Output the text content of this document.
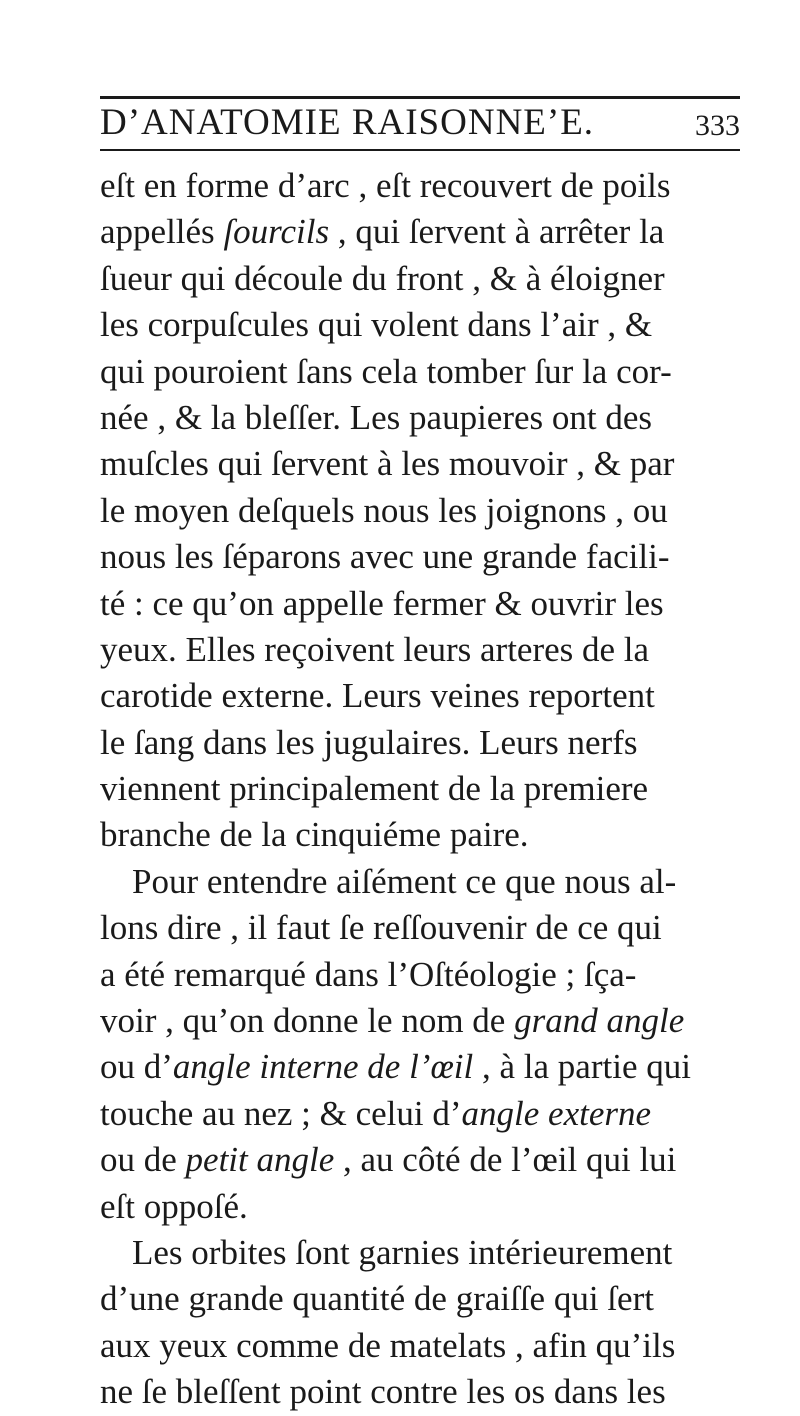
D’ANATOMIE RAISONNE’E.	333
eſt en forme d’arc , eſt recouvert de poils
appellés ſourcils , qui ſervent à arrêter la
ſueur qui découle du front , & à éloigner
les corpuſcules qui volent dans l’air , &
qui pouroient ſans cela tomber ſur la cor-
née , & la bleſſer. Les paupieres ont des
muſcles qui ſervent à les mouvoir , & par
le moyen deſquels nous les joignons , ou
nous les ſéparons avec une grande facili-
té : ce qu’on appelle fermer & ouvrir les
yeux. Elles reçoivent leurs arteres de la
carotide externe. Leurs veines reportent
le ſang dans les jugulaires. Leurs nerfs
viennent principalement de la premiere
branche de la cinquiéme paire.
Pour entendre aiſément ce que nous al-
lons dire , il faut ſe reſſouvenir de ce qui
a été remarqué dans l’Oſtéologie ; ſça-
voir , qu’on donne le nom de grand angle
ou d’angle interne de l’œil , à la partie qui
touche au nez ; & celui d’angle externe
ou de petit angle , au côté de l’œil qui lui
eſt oppoſé.
Les orbites ſont garnies intérieurement
d’une grande quantité de graiſſe qui ſert
aux yeux comme de matelats , afin qu’ils
ne ſe bleſſent point contre les os dans les
